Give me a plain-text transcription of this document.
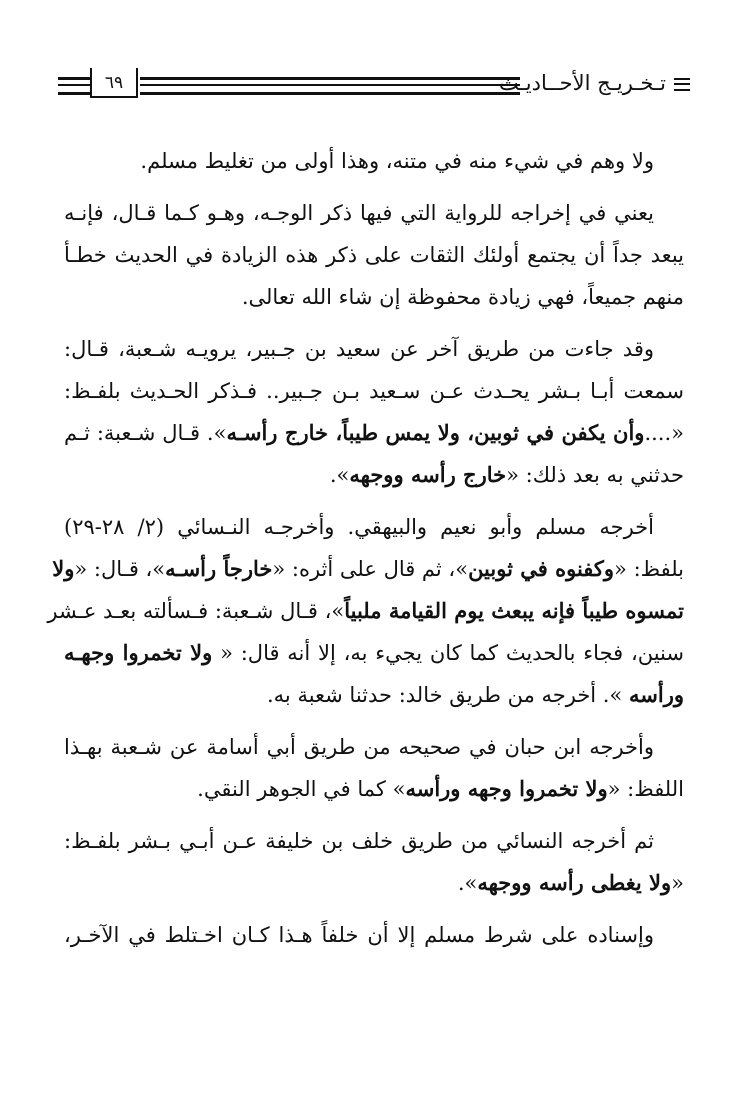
٦٩	تـخـريـج الأحــاديـث
ولا وهم في شيء منه في متنه، وهذا أولى من تغليط مسلم.
يعني في إخراجه للرواية التي فيها ذكر الوجـه، وهـو كـما قـال، فإنـه
يبعد جداً أن يجتمع أولئك الثقات على ذكر هذه الزيادة في الحديث خطـأ
منهم جميعاً، فهي زيادة محفوظة إن شاء الله تعالى.
وقد جاءت من طريق آخر عن سعيد بن جـبير، يرويـه شـعبة، قـال:
سمعت أبـا بـشر يحـدث عـن سـعيد بـن جـبير.. فـذكر الحـديث بلفـظ:
«....وأن يكفن في ثوبين، ولا يمس طيباً، خارج رأسـه». قـال شـعبة: ثـم
حدثني به بعد ذلك: «خارج رأسه ووجهه».
أخرجه مسلم وأبو نعيم والبيهقي. وأخرجـه النـسائي (٢/ ٢٨-٢٩)
بلفظ: «وكفنوه في ثوبين»، ثم قال على أثره: «خارجاً رأسـه»، قـال: «ولا
تمسوه طيباً فإنه يبعث يوم القيامة ملبياً»، قـال شـعبة: فـسألته بعـد عـشر
سنين، فجاء بالحديث كما كان يجيء به، إلا أنه قال: « ولا تخمروا وجهـه
ورأسه ». أخرجه من طريق خالد: حدثنا شعبة به.
وأخرجه ابن حبان في صحيحه من طريق أبي أسامة عن شـعبة بهـذا
اللفظ: «ولا تخمروا وجهه ورأسه» كما في الجوهر النقي.
ثم أخرجه النسائي من طريق خلف بن خليفة عـن أبـي بـشر بلفـظ:
«ولا يغطى رأسه ووجهه».
وإسناده على شرط مسلم إلا أن خلفاً هـذا كـان اخـتلط في الآخـر،
